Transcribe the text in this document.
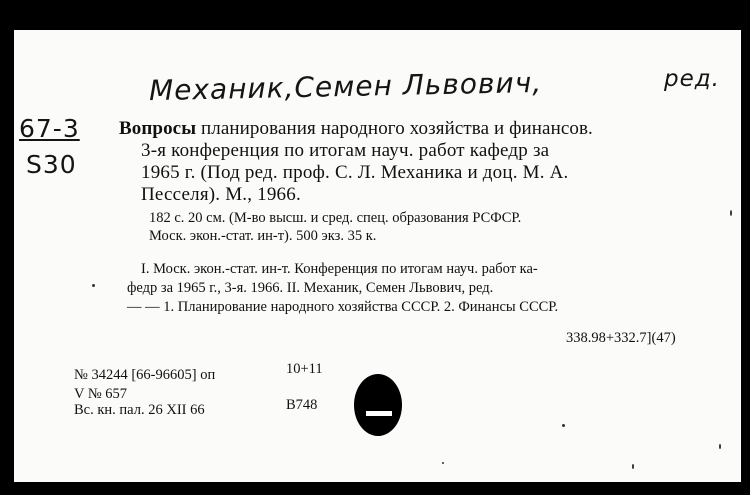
Механик,Семен Львович,	ред.
67-3
S30
Вопросы планирования народного хозяйства и финансов.
3-я конференция по итогам науч. работ кафедр за
1965 г. (Под ред. проф. С. Л. Механика и доц. М. А.
Песселя). М., 1966.
182 с. 20 см. (М-во высш. и сред. спец. образования РСФСР.
Моск. экон.-стат. ин-т). 500 экз. 35 к.
I. Моск. экон.-стат. ин-т. Конференция по итогам науч. работ ка-
федр за 1965 г., 3-я. 1966. II. Механик, Семен Львович, ред.
— — 1. Планирование народного хозяйства СССР. 2. Финансы СССР.
338.98+332.7](47)
№ 34244 [66-96605] оп
V № 657
Вс. кн. пал. 26 XII 66
10+11
В748
